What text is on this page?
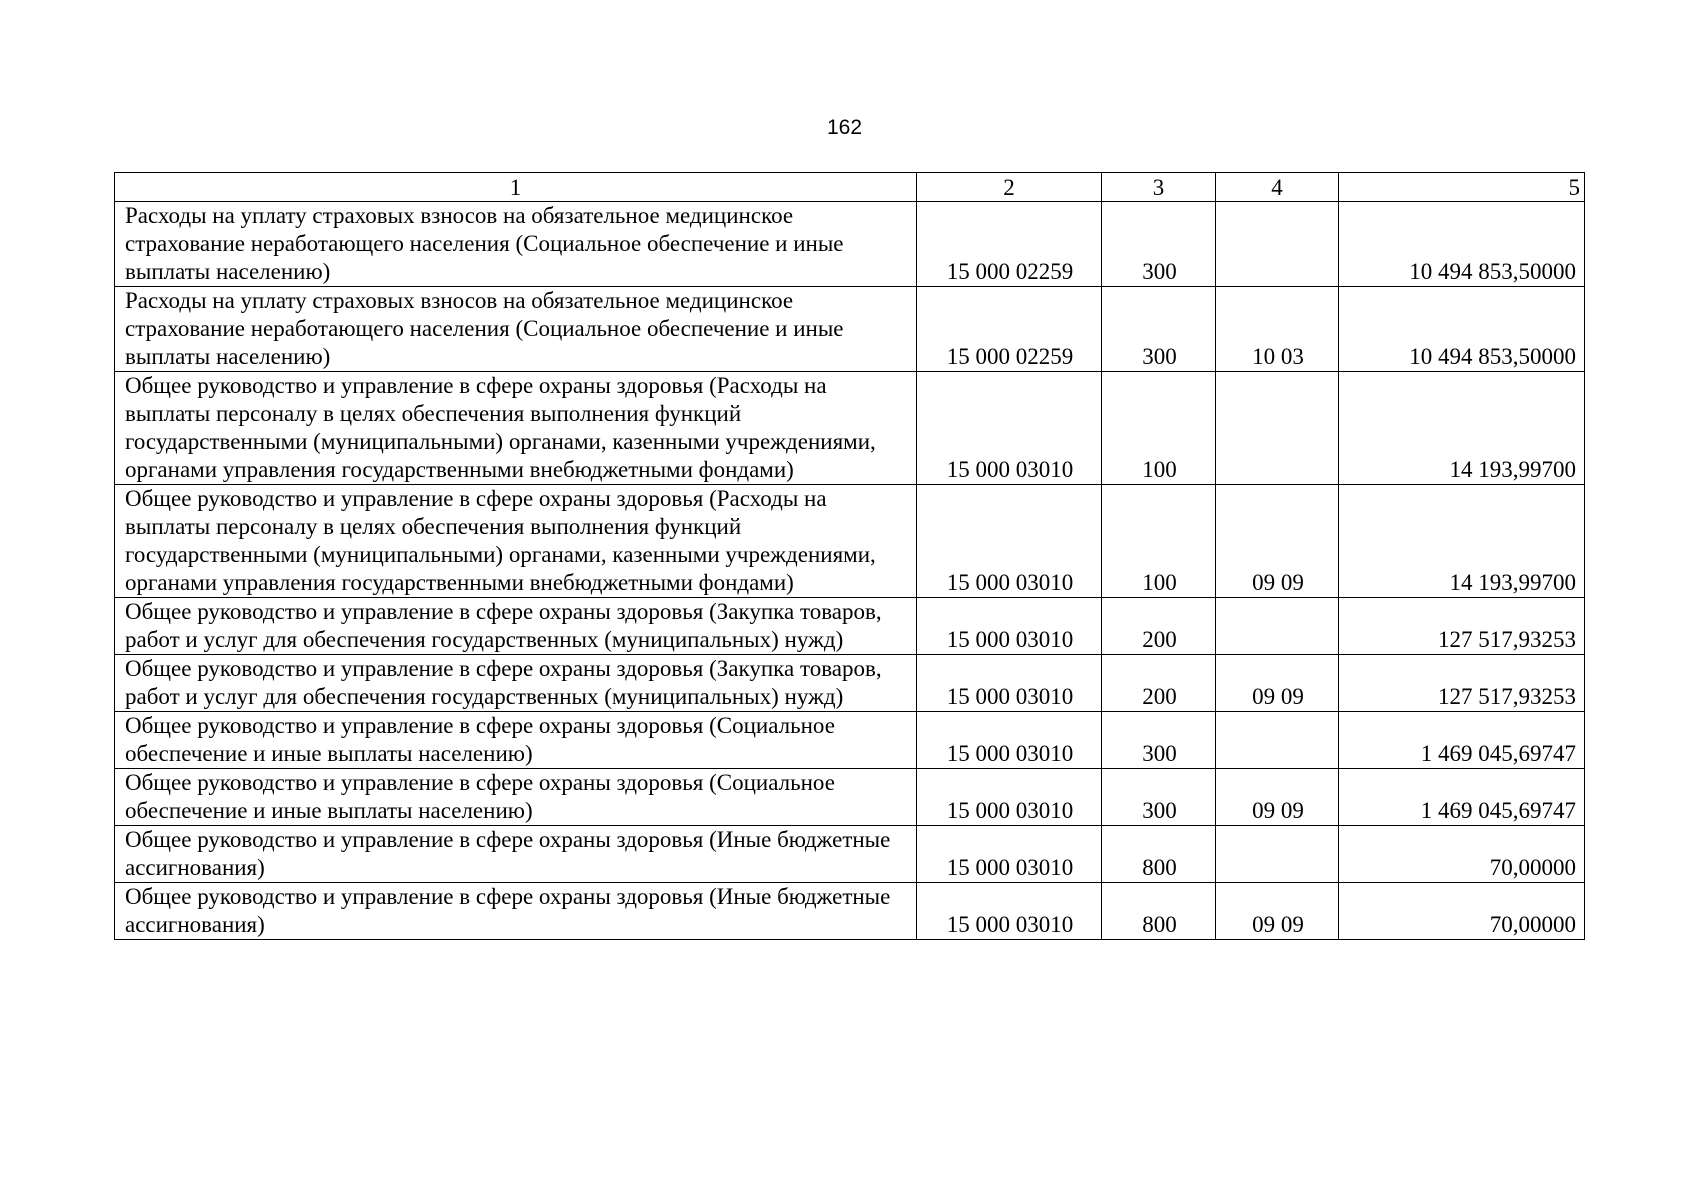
162
1	2	3	4	5
Расходы на уплату страховых взносов на обязательное медицинское страхование неработающего населения (Социальное обеспечение и иные выплаты населению)	15 000 02259	300		10 494 853,50000
Расходы на уплату страховых взносов на обязательное медицинское страхование неработающего населения (Социальное обеспечение и иные выплаты населению)	15 000 02259	300	10 03	10 494 853,50000
Общее руководство и управление в сфере охраны здоровья (Расходы на выплаты персоналу в целях обеспечения выполнения функций государственными (муниципальными) органами, казенными учреждениями, органами управления государственными внебюджетными фондами)	15 000 03010	100		14 193,99700
Общее руководство и управление в сфере охраны здоровья (Расходы на выплаты персоналу в целях обеспечения выполнения функций государственными (муниципальными) органами, казенными учреждениями, органами управления государственными внебюджетными фондами)	15 000 03010	100	09 09	14 193,99700
Общее руководство и управление в сфере охраны здоровья (Закупка товаров, работ и услуг для обеспечения государственных (муниципальных) нужд)	15 000 03010	200		127 517,93253
Общее руководство и управление в сфере охраны здоровья (Закупка товаров, работ и услуг для обеспечения государственных (муниципальных) нужд)	15 000 03010	200	09 09	127 517,93253
Общее руководство и управление в сфере охраны здоровья (Социальное обеспечение и иные выплаты населению)	15 000 03010	300		1 469 045,69747
Общее руководство и управление в сфере охраны здоровья (Социальное обеспечение и иные выплаты населению)	15 000 03010	300	09 09	1 469 045,69747
Общее руководство и управление в сфере охраны здоровья (Иные бюджетные ассигнования)	15 000 03010	800		70,00000
Общее руководство и управление в сфере охраны здоровья (Иные бюджетные ассигнования)	15 000 03010	800	09 09	70,00000
